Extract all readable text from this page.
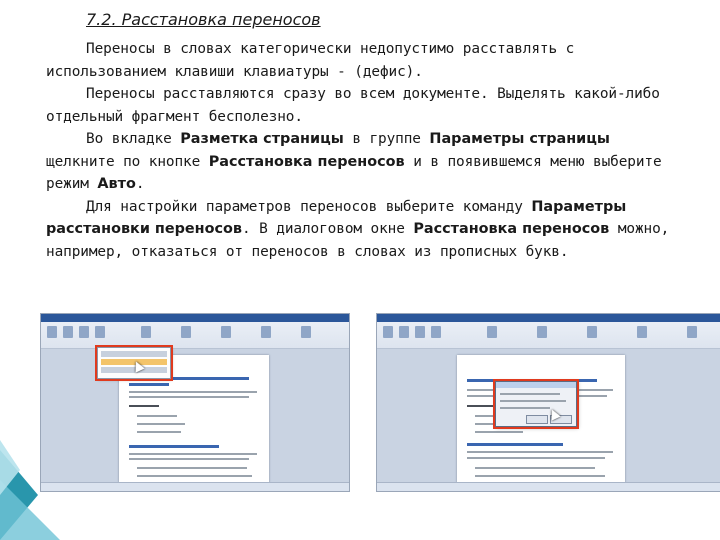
7.2. Расстановка переносов

Переносы в словах категорически недопустимо расставлять с использованием клавиши клавиатуры - (дефис).

Переносы расставляются сразу во всем документе. Выделять какой-либо отдельный фрагмент бесполезно.

Во вкладке Разметка страницы в группе Параметры страницы щелкните по кнопке Расстановка переносов и в появившемся меню выберите режим Авто.

Для настройки параметров переносов выберите команду Параметры расстановки переносов. В диалоговом окне Расстановка переносов можно, например, отказаться от переносов в словах из прописных букв.
